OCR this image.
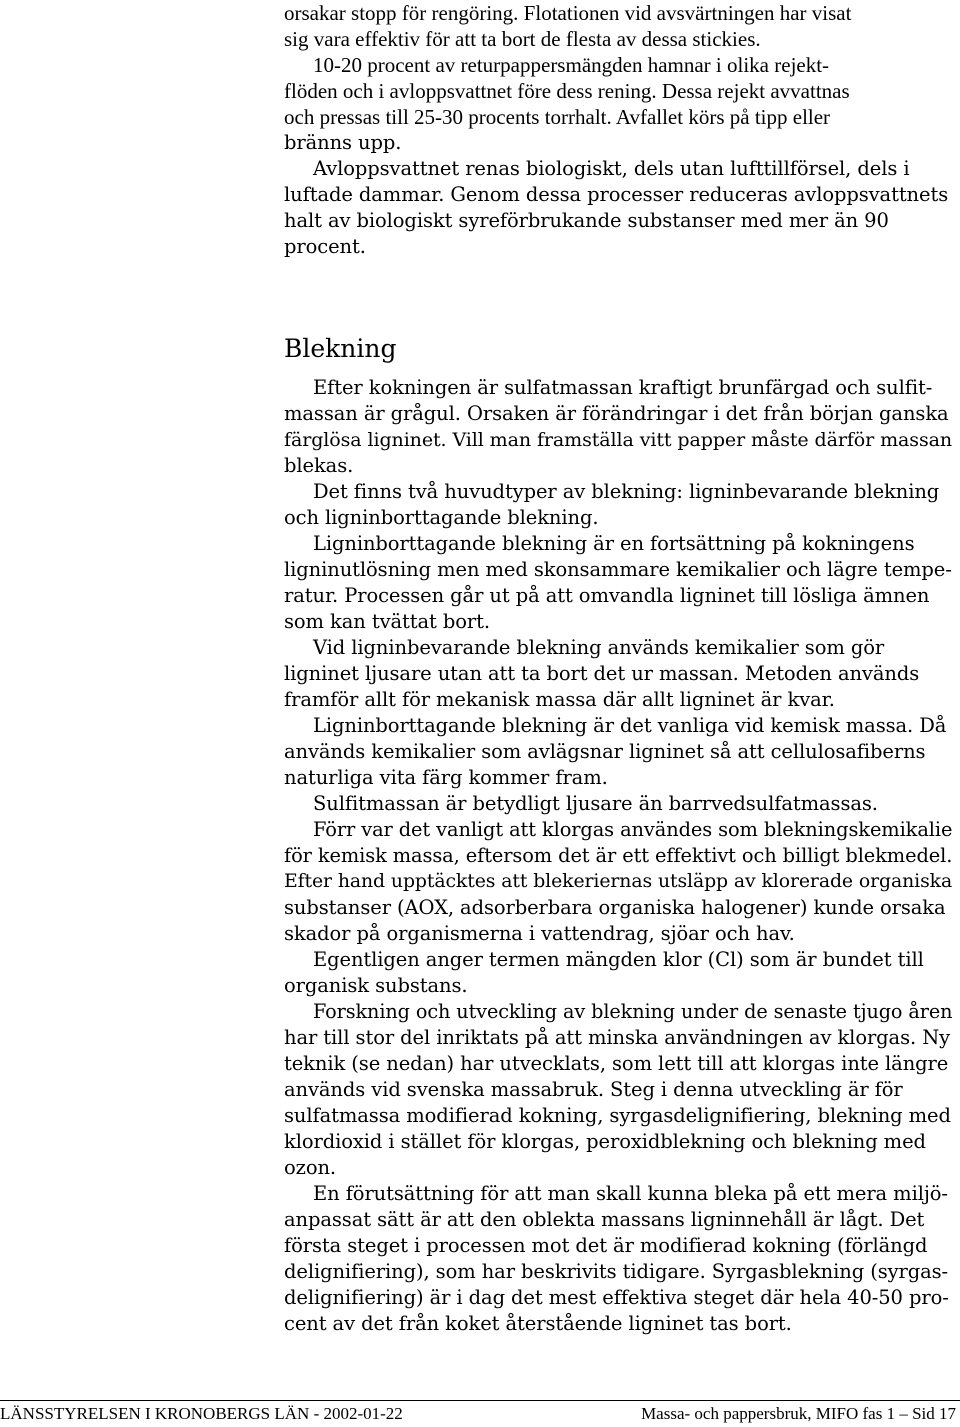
orsakar stopp för rengöring. Flotationen vid avsvärtningen har visat
sig vara effektiv för att ta bort de flesta av dessa stickies.
10-20 procent av returpappersmängden hamnar i olika rejekt-
flöden och i avloppsvattnet före dess rening. Dessa rejekt avvattnas
och pressas till 25-30 procents torrhalt. Avfallet körs på tipp eller
bränns upp.
Avloppsvattnet renas biologiskt, dels utan lufttillförsel, dels i
luftade dammar. Genom dessa processer reduceras avloppsvattnets
halt av biologiskt syreförbrukande substanser med mer än 90
procent.
Blekning
Efter kokningen är sulfatmassan kraftigt brunfärgad och sulfit-
massan är grågul. Orsaken är förändringar i det från början ganska
färglösa ligninet. Vill man framställa vitt papper måste därför massan
blekas.
Det finns två huvudtyper av blekning: ligninbevarande blekning
och ligninborttagande blekning.
Ligninborttagande blekning är en fortsättning på kokningens
ligninutlösning men med skonsammare kemikalier och lägre tempe-
ratur. Processen går ut på att omvandla ligninet till lösliga ämnen
som kan tvättat bort.
Vid ligninbevarande blekning används kemikalier som gör
ligninet ljusare utan att ta bort det ur massan. Metoden används
framför allt för mekanisk massa där allt ligninet är kvar.
Ligninborttagande blekning är det vanliga vid kemisk massa. Då
används kemikalier som avlägsnar ligninet så att cellulosafiberns
naturliga vita färg kommer fram.
Sulfitmassan är betydligt ljusare än barrvedsulfatmassas.
Förr var det vanligt att klorgas användes som blekningskemikalie
för kemisk massa, eftersom det är ett effektivt och billigt blekmedel.
Efter hand upptäcktes att blekeriernas utsläpp av klorerade organiska
substanser (AOX, adsorberbara organiska halogener) kunde orsaka
skador på organismerna i vattendrag, sjöar och hav.
Egentligen anger termen mängden klor (Cl) som är bundet till
organisk substans.
Forskning och utveckling av blekning under de senaste tjugo åren
har till stor del inriktats på att minska användningen av klorgas. Ny
teknik (se nedan) har utvecklats, som lett till att klorgas inte längre
används vid svenska massabruk. Steg i denna utveckling är för
sulfatmassa modifierad kokning, syrgasdelignifiering, blekning med
klordioxid i stället för klorgas, peroxidblekning och blekning med
ozon.
En förutsättning för att man skall kunna bleka på ett mera miljö-
anpassat sätt är att den oblekta massans ligninnehåll är lågt. Det
första steget i processen mot det är modifierad kokning (förlängd
delignifiering), som har beskrivits tidigare. Syrgasblekning (syrgas-
delignifiering) är i dag det mest effektiva steget där hela 40-50 pro-
cent av det från koket återstående ligninet tas bort.
LÄNSSTYRELSEN I KRONOBERGS LÄN - 2002-01-22	Massa- och pappersbruk, MIFO fas 1 – Sid 17
